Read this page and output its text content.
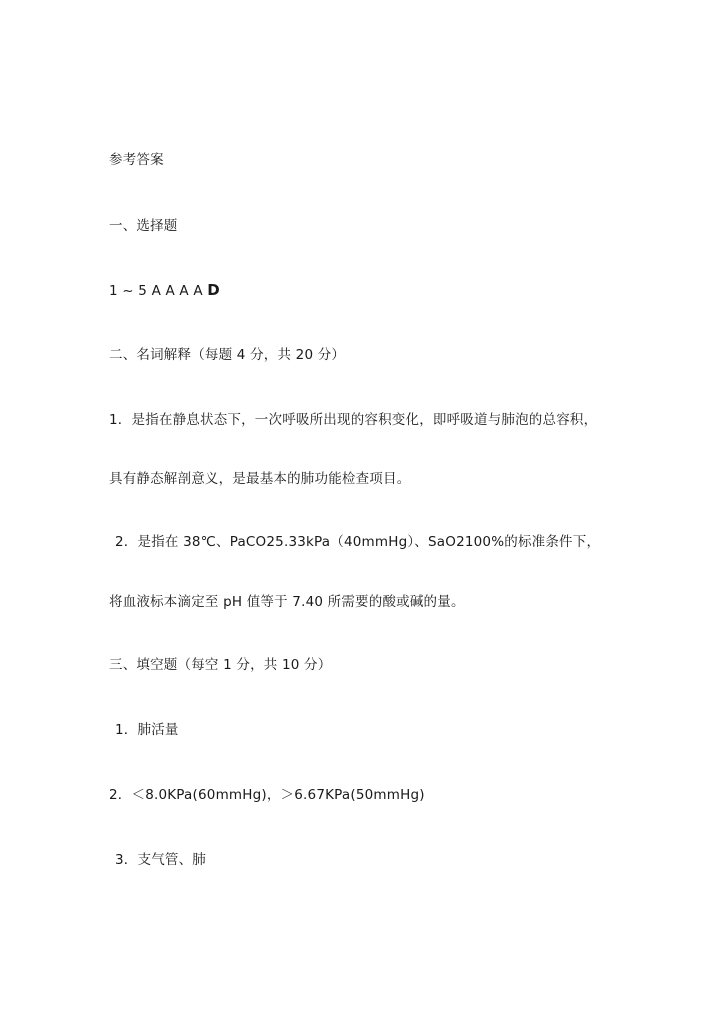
参考答案
一、选择题
1 ~ 5 A A A A D
二、名词解释（每题 4 分，共 20 分）
1．是指在静息状态下，一次呼吸所出现的容积变化，即呼吸道与肺泡的总容积，
具有静态解剖意义，是最基本的肺功能检查项目。
2．是指在 38℃、PaCO25.33kPa（40mmHg）、SaO2100%的标准条件下，
将血液标本滴定至 pH 值等于 7.40 所需要的酸或碱的量。
三、填空题（每空 1 分，共 10 分）
1．肺活量
2．＜8.0KPa(60mmHg)，＞6.67KPa(50mmHg)
3．支气管、肺
